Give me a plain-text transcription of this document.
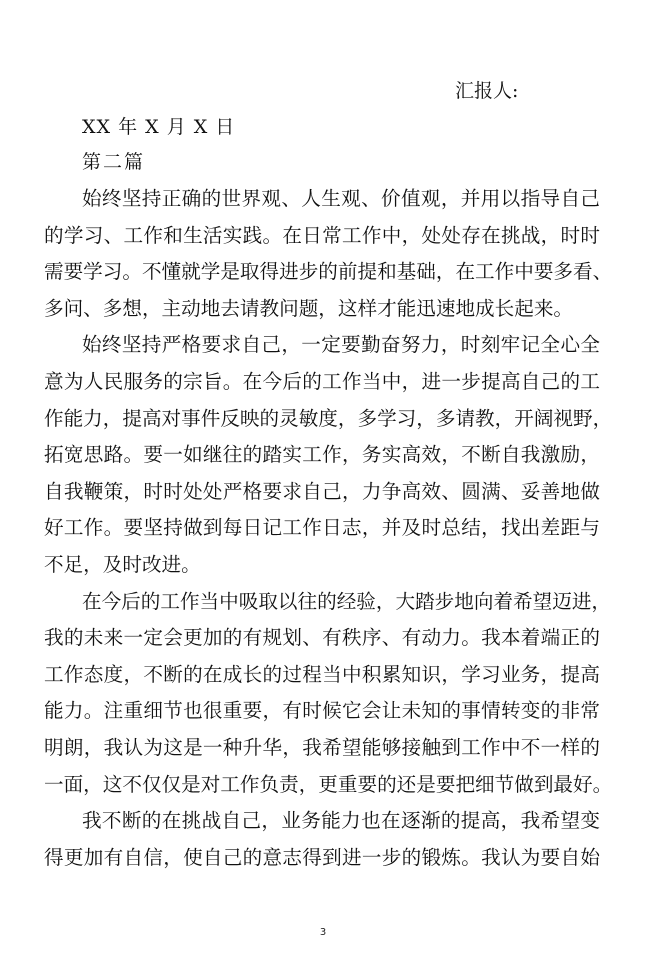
汇报人:
XX 年 X 月 X 日
第二篇
始终坚持正确的世界观、人生观、价值观，并用以指导自己
的学习、工作和生活实践。在日常工作中，处处存在挑战，时时
需要学习。不懂就学是取得进步的前提和基础，在工作中要多看、
多问、多想，主动地去请教问题，这样才能迅速地成长起来。
始终坚持严格要求自己，一定要勤奋努力，时刻牢记全心全
意为人民服务的宗旨。在今后的工作当中，进一步提高自己的工
作能力，提高对事件反映的灵敏度，多学习，多请教，开阔视野，
拓宽思路。要一如继往的踏实工作，务实高效，不断自我激励，
自我鞭策，时时处处严格要求自己，力争高效、圆满、妥善地做
好工作。要坚持做到每日记工作日志，并及时总结，找出差距与
不足，及时改进。
在今后的工作当中吸取以往的经验，大踏步地向着希望迈进，
我的未来一定会更加的有规划、有秩序、有动力。我本着端正的
工作态度，不断的在成长的过程当中积累知识，学习业务，提高
能力。注重细节也很重要，有时候它会让未知的事情转变的非常
明朗，我认为这是一种升华，我希望能够接触到工作中不一样的
一面，这不仅仅是对工作负责，更重要的还是要把细节做到最好。
我不断的在挑战自己，业务能力也在逐渐的提高，我希望变
得更加有自信，使自己的意志得到进一步的锻炼。我认为要自始
3
